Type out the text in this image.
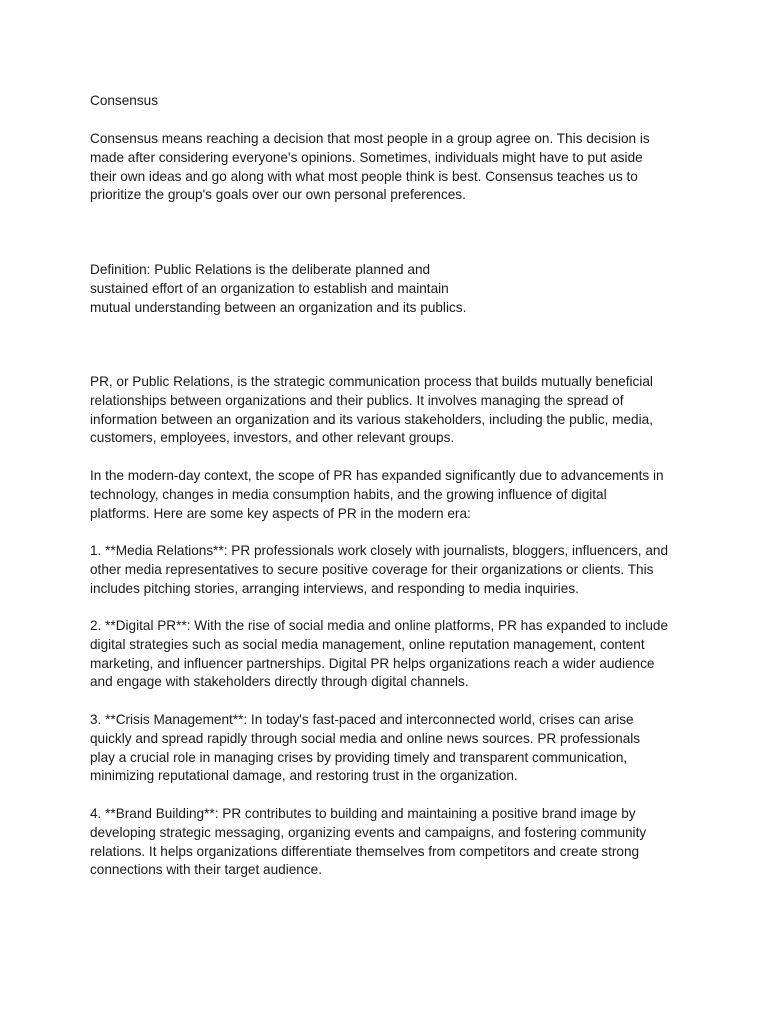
Consensus

Consensus means reaching a decision that most people in a group agree on. This decision is
made after considering everyone's opinions. Sometimes, individuals might have to put aside
their own ideas and go along with what most people think is best. Consensus teaches us to
prioritize the group's goals over our own personal preferences.

Definition: Public Relations is the deliberate planned and
sustained effort of an organization to establish and maintain
mutual understanding between an organization and its publics.

PR, or Public Relations, is the strategic communication process that builds mutually beneficial
relationships between organizations and their publics. It involves managing the spread of
information between an organization and its various stakeholders, including the public, media,
customers, employees, investors, and other relevant groups.

In the modern-day context, the scope of PR has expanded significantly due to advancements in
technology, changes in media consumption habits, and the growing influence of digital
platforms. Here are some key aspects of PR in the modern era:

1. **Media Relations**: PR professionals work closely with journalists, bloggers, influencers, and
other media representatives to secure positive coverage for their organizations or clients. This
includes pitching stories, arranging interviews, and responding to media inquiries.

2. **Digital PR**: With the rise of social media and online platforms, PR has expanded to include
digital strategies such as social media management, online reputation management, content
marketing, and influencer partnerships. Digital PR helps organizations reach a wider audience
and engage with stakeholders directly through digital channels.

3. **Crisis Management**: In today's fast-paced and interconnected world, crises can arise
quickly and spread rapidly through social media and online news sources. PR professionals
play a crucial role in managing crises by providing timely and transparent communication,
minimizing reputational damage, and restoring trust in the organization.

4. **Brand Building**: PR contributes to building and maintaining a positive brand image by
developing strategic messaging, organizing events and campaigns, and fostering community
relations. It helps organizations differentiate themselves from competitors and create strong
connections with their target audience.
